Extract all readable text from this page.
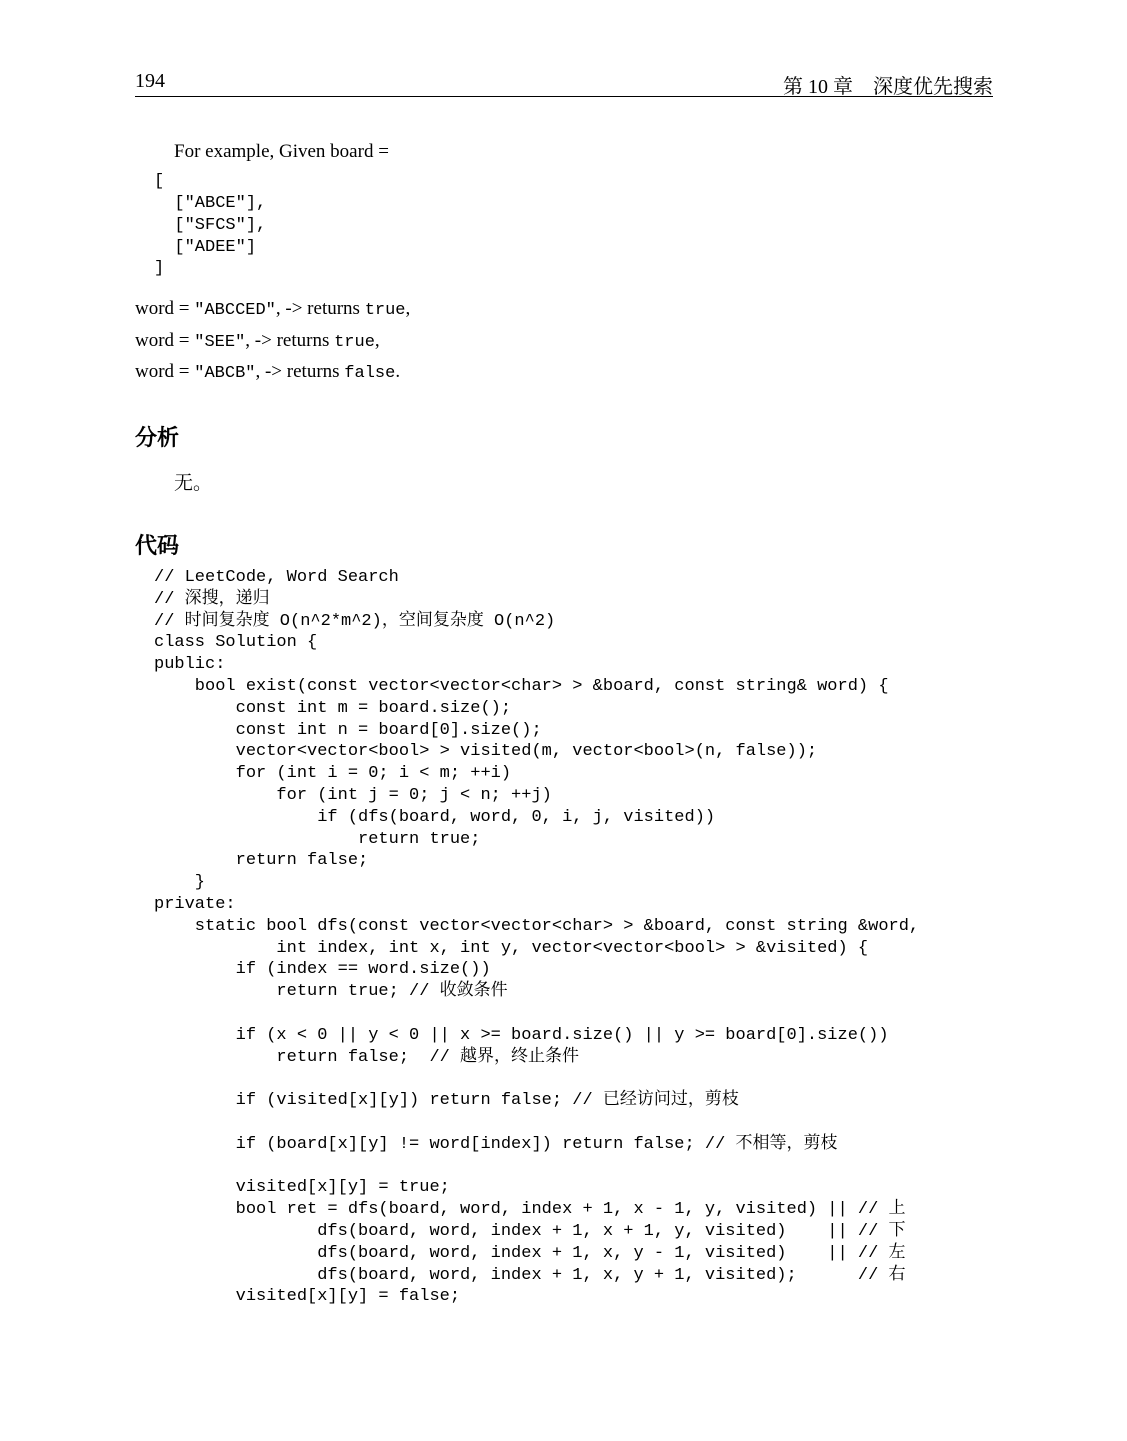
194	第 10 章　深度优先搜索
For example, Given board =
[
["ABCE"],
["SFCS"],
["ADEE"]
]
word = "ABCCED", -> returns true,
word = "SEE", -> returns true,
word = "ABCB", -> returns false.
分析
无。
代码
// LeetCode, Word Search
// 深搜，递归
// 时间复杂度 O(n^2*m^2)，空间复杂度 O(n^2)
class Solution {
public:
bool exist(const vector<vector<char> > &board, const string& word) {
const int m = board.size();
const int n = board[0].size();
vector<vector<bool> > visited(m, vector<bool>(n, false));
for (int i = 0; i < m; ++i)
for (int j = 0; j < n; ++j)
if (dfs(board, word, 0, i, j, visited))
return true;
return false;
}
private:
static bool dfs(const vector<vector<char> > &board, const string &word,
int index, int x, int y, vector<vector<bool> > &visited) {
if (index == word.size())
return true; // 收敛条件
if (x < 0 || y < 0 || x >= board.size() || y >= board[0].size())
return false;  // 越界，终止条件
if (visited[x][y]) return false; // 已经访问过，剪枝
if (board[x][y] != word[index]) return false; // 不相等，剪枝
visited[x][y] = true;
bool ret = dfs(board, word, index + 1, x - 1, y, visited) || // 上
dfs(board, word, index + 1, x + 1, y, visited)    || // 下
dfs(board, word, index + 1, x, y - 1, visited)    || // 左
dfs(board, word, index + 1, x, y + 1, visited);      // 右
visited[x][y] = false;
